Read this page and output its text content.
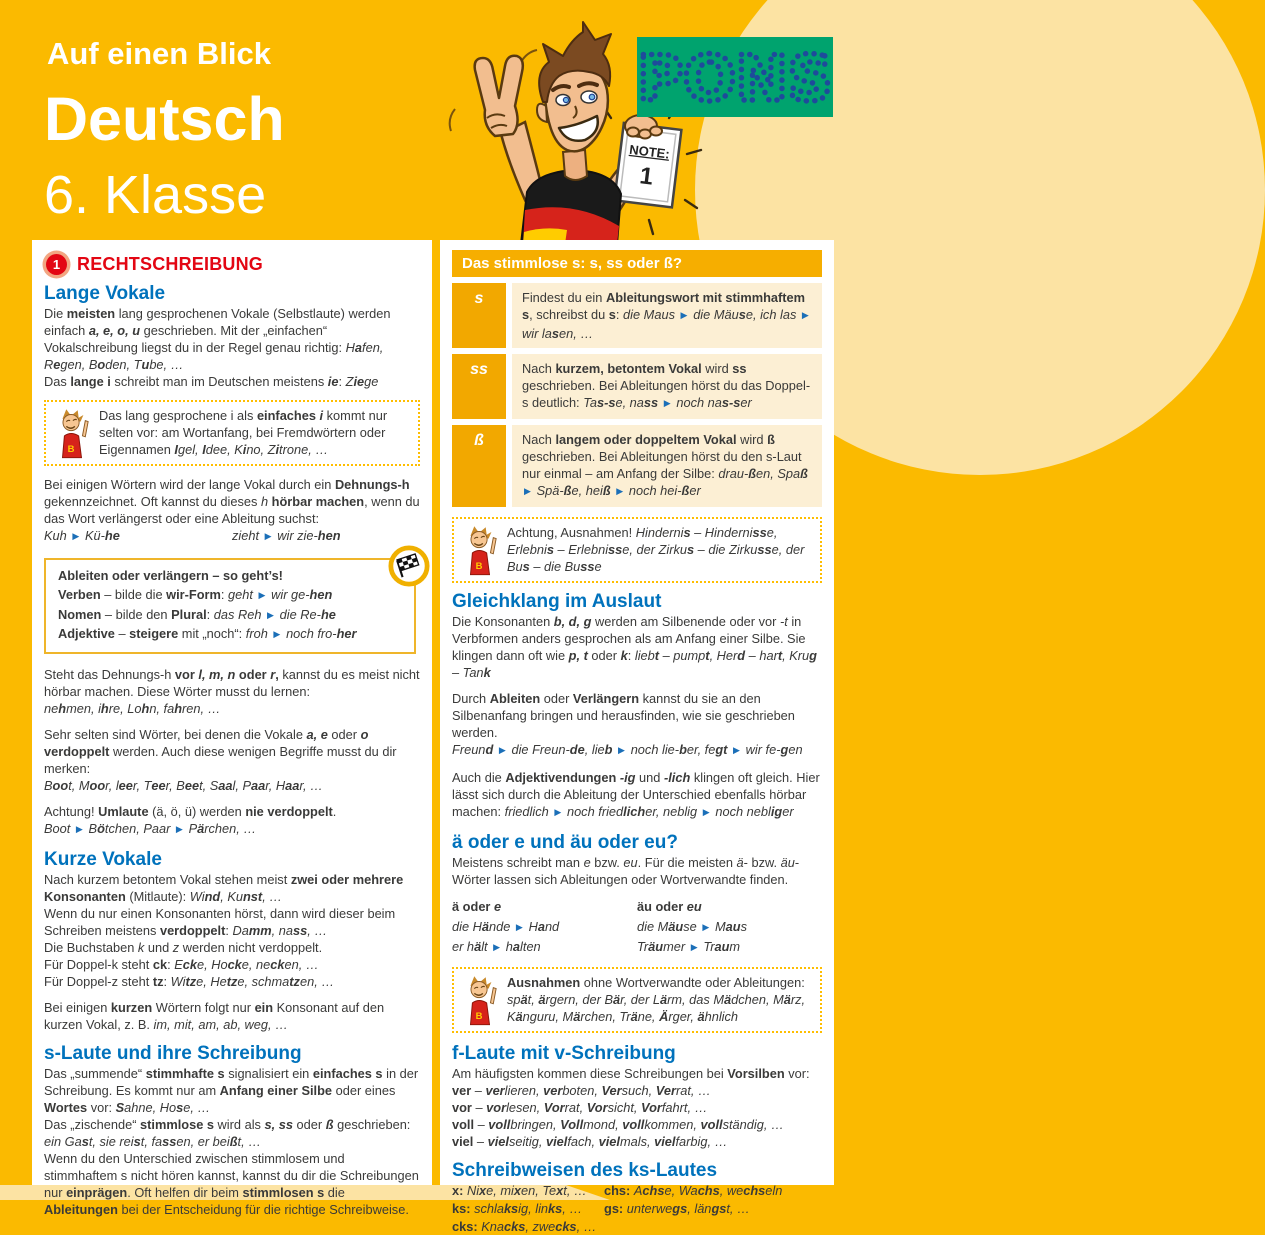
Auf einen Blick
Deutsch
6. Klasse
PONS
NOTE:
1
1 RECHTSCHREIBUNG
Lange Vokale

Die meisten lang gesprochenen Vokale (Selbstlaute) werden einfach a, e, o, u geschrieben. Mit der „einfachen“ Vokalschreibung liegst du in der Regel genau richtig: Hafen, Regen, Boden, Tube, …

Das lange i schreibt man im Deutschen meistens ie: Ziege

B
Das lang gesprochene i als einfaches i kommt nur selten vor: am Wortanfang, bei Fremdwörtern oder Eigennamen Igel, Idee, Kino, Zitrone, …

Bei einigen Wörtern wird der lange Vokal durch ein Dehnungs-h gekennzeichnet. Oft kannst du dieses h hörbar machen, wenn du das Wort verlängerst oder eine Ableitung suchst:

Kuh ▶ Kü-he	zieht ▶ wir zie-hen
Ableiten oder verlängern – so geht’s!

Verben – bilde die wir-Form: geht ▶ wir ge-hen

Nomen – bilde den Plural: das Reh ▶ die Re-he

Adjektive – steigere mit „noch“: froh ▶ noch fro-her

Steht das Dehnungs-h vor l, m, n oder r, kannst du es meist nicht hörbar machen. Diese Wörter musst du lernen:

nehmen, ihre, Lohn, fahren, …

Sehr selten sind Wörter, bei denen die Vokale a, e oder o verdoppelt werden. Auch diese wenigen Begriffe musst du dir merken:

Boot, Moor, leer, Teer, Beet, Saal, Paar, Haar, …

Achtung! Umlaute (ä, ö, ü) werden nie verdoppelt.

Boot ▶ Bötchen, Paar ▶ Pärchen, …

Kurze Vokale

Nach kurzem betontem Vokal stehen meist zwei oder mehrere Konsonanten (Mitlaute): Wind, Kunst, …

Wenn du nur einen Konsonanten hörst, dann wird dieser beim Schreiben meistens verdoppelt: Damm, nass, …

Die Buchstaben k und z werden nicht verdoppelt.

Für Doppel-k steht ck: Ecke, Hocke, necken, …

Für Doppel-z steht tz: Witze, Hetze, schmatzen, …

Bei einigen kurzen Wörtern folgt nur ein Konsonant auf den kurzen Vokal, z. B. im, mit, am, ab, weg, …

s-Laute und ihre Schreibung

Das „summende“ stimmhafte s signalisiert ein einfaches s in der Schreibung. Es kommt nur am Anfang einer Silbe oder eines Wortes vor: Sahne, Hose, …

Das „zischende“ stimmlose s wird als s, ss oder ß geschrieben: ein Gast, sie reist, fassen, er beißt, …

Wenn du den Unterschied zwischen stimmlosem und stimmhaftem s nicht hören kannst, kannst du dir die Schreibungen nur einprägen. Oft helfen dir beim stimmlosen s die Ableitungen bei der Entscheidung für die richtige Schreibweise.

Das stimmlose s: s, ss oder ß?
s	Findest du ein Ableitungswort mit stimmhaftem s, schreibst du s: die Maus ▶ die Mäuse, ich las ▶ wir lasen, …
ss	Nach kurzem, betontem Vokal wird ss geschrieben. Bei Ableitungen hörst du das Doppel-s deutlich: Tas-se, nass ▶ noch nas-ser
ß	Nach langem oder doppeltem Vokal wird ß geschrieben. Bei Ableitungen hörst du den s-Laut nur einmal – am Anfang der Silbe: drau-ßen, Spaß ▶ Spä-ße, heiß ▶ noch hei-ßer
B
Achtung, Ausnahmen! Hindernis – Hindernisse, Erlebnis – Erlebnisse, der Zirkus – die Zirkusse, der Bus – die Busse
Gleichklang im Auslaut

Die Konsonanten b, d, g werden am Silbenende oder vor -t in Verbformen anders gesprochen als am Anfang einer Silbe. Sie klingen dann oft wie p, t oder k: liebt – pumpt, Herd – hart, Krug – Tank

Durch Ableiten oder Verlängern kannst du sie an den Silbenanfang bringen und herausfinden, wie sie geschrieben werden.

Freund ▶ die Freun-de, lieb ▶ noch lie-ber, fegt ▶ wir fe-gen

Auch die Adjektivendungen -ig und -lich klingen oft gleich. Hier lässt sich durch die Ableitung der Unterschied ebenfalls hörbar machen: friedlich ▶ noch friedlicher, neblig ▶ noch nebliger

ä oder e und äu oder eu?

Meistens schreibt man e bzw. eu. Für die meisten ä- bzw. äu-Wörter lassen sich Ableitungen oder Wortverwandte finden.

ä oder e	äu oder eu
die Hände ▶ Hand	die Mäuse ▶ Maus
er hält ▶ halten	Träumer ▶ Traum
B
Ausnahmen ohne Wortverwandte oder Ableitungen: spät, ärgern, der Bär, der Lärm, das Mädchen, März, Känguru, Märchen, Träne, Ärger, ähnlich
f-Laute mit v-Schreibung

Am häufigsten kommen diese Schreibungen bei Vorsilben vor:

ver – verlieren, verboten, Versuch, Verrat, …

vor – vorlesen, Vorrat, Vorsicht, Vorfahrt, …

voll – vollbringen, Vollmond, vollkommen, vollständig, …

viel – vielseitig, vielfach, vielmals, vielfarbig, …

Schreibweisen des ks-Lautes
x: Nixe, mixen, Text, …	chs: Achse, Wachs, wechseln
ks: schlaksig, links, …	gs: unterwegs, längst, …
cks: Knacks, zwecks, …
